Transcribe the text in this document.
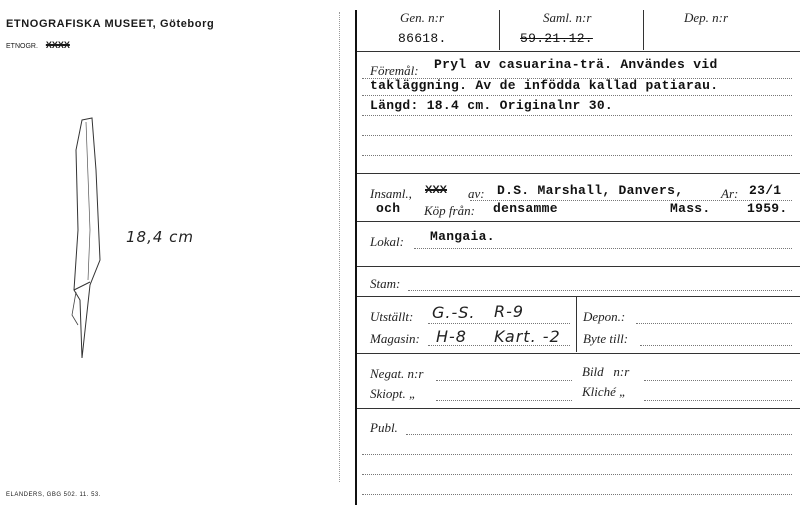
ETNOGRAFISKA MUSEET, Göteborg
ETNOGR. XXXX
18,4 cm
ELANDERS, GBG 502. 11. 53.
Gen. n:r
86618.
Saml. n:r
59.21.12.
Dep. n:r
Föremål: Pryl av casuarina-trä. Användes vid
takläggning. Av de infödda kallad patiarau.
Längd: 18.4 cm. Originalnr 30.
Insaml., XXX av: D.S. Marshall, Danvers,	Ar: 23/1
och Köp från: densamme	Mass.	1959.
Lokal: Mangaia.
Stam:
Utställt: G.-S. R-9
Magasin: H-8 Kart. -2
Depon.:
Byte till:
Negat. n:r	Bild   n:r
Skiopt. „	Kliché „
Publ.
